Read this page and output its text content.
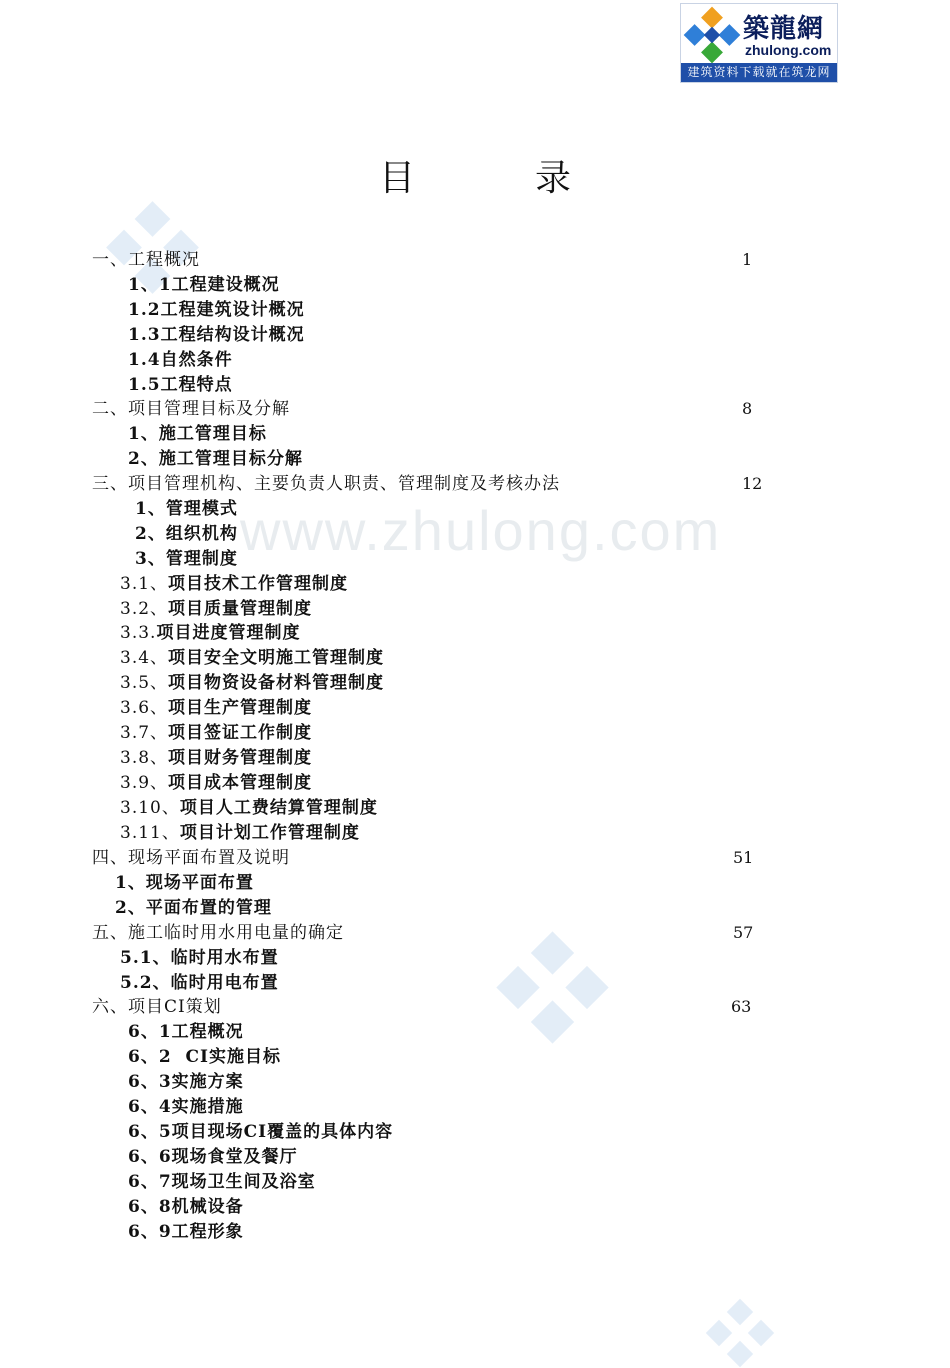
築龍網
zhulong.com
建筑资料下载就在筑龙网
www.zhulong.com
目	录
一、工程概况	1
1、1工程建设概况
1.2工程建筑设计概况
1.3工程结构设计概况
1.4自然条件
1.5工程特点
二、项目管理目标及分解	8
1、施工管理目标
2、施工管理目标分解
三、项目管理机构、主要负责人职责、管理制度及考核办法	12
1、管理模式
2、组织机构
3、管理制度
3.1、项目技术工作管理制度
3.2、项目质量管理制度
3.3.项目进度管理制度
3.4、项目安全文明施工管理制度
3.5、项目物资设备材料管理制度
3.6、项目生产管理制度
3.7、项目签证工作制度
3.8、项目财务管理制度
3.9、项目成本管理制度
3.10、项目人工费结算管理制度
3.11、项目计划工作管理制度
四、现场平面布置及说明	51
1、现场平面布置
2、平面布置的管理
五、施工临时用水用电量的确定	57
5.1、临时用水布置
5.2、临时用电布置
六、项目CI策划	63
6、1工程概况
6、2  CI实施目标
6、3实施方案
6、4实施措施
6、5项目现场CI覆盖的具体内容
6、6现场食堂及餐厅
6、7现场卫生间及浴室
6、8机械设备
6、9工程形象
